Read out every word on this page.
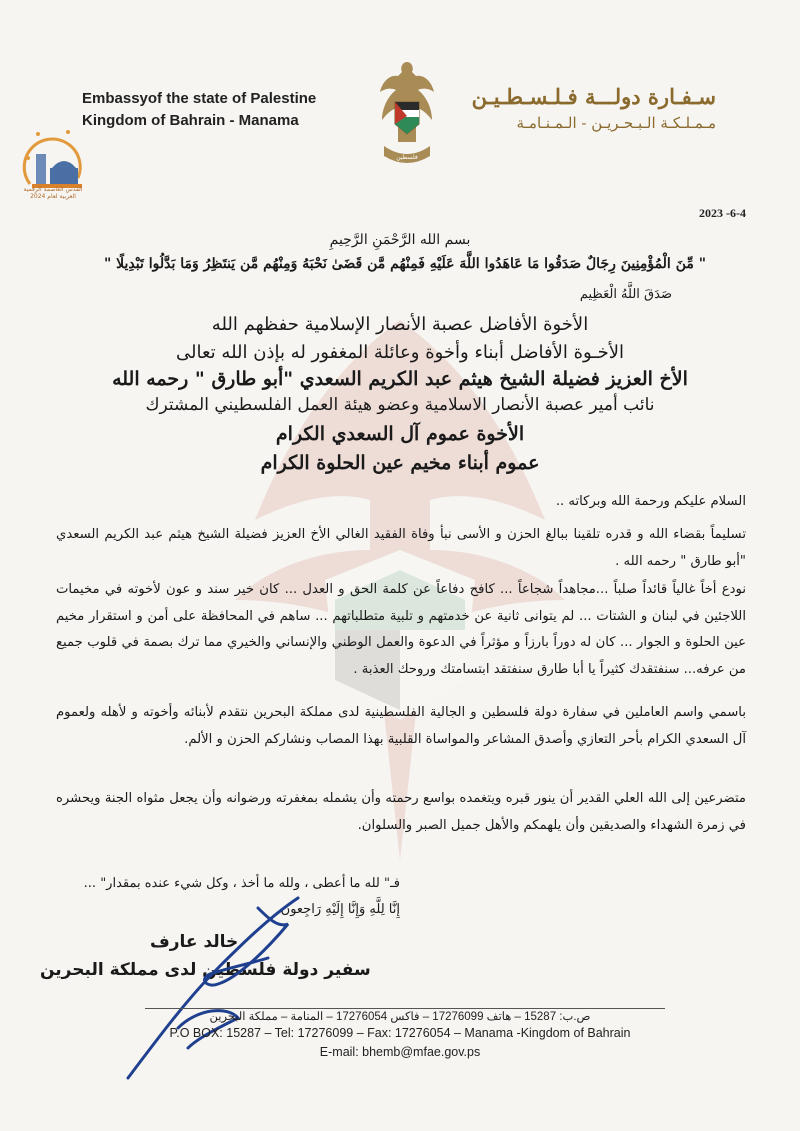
Embassyof the state of Palestine
Kingdom of Bahrain - Manama
فلسطين
سـفـارة دولـــة فـلـسـطـيـن
مـمـلـكـة الـبـحـريـن - الـمـنـامـة
القدس العاصمة الرقمية العربية لعام 2024
2023 -6-4
بسم الله الرَّحْمَنِ الرَّحِيمِ
" مِّنَ الْمُؤْمِنِينَ رِجَالٌ صَدَقُوا مَا عَاهَدُوا اللَّهَ عَلَيْهِ فَمِنْهُم مَّن قَضَىٰ نَحْبَهُ وَمِنْهُم مَّن يَنتَظِرُ وَمَا بَدَّلُوا تَبْدِيلًا "
صَدَقَ اللَّهُ الْعَظِيم
الأخوة الأفاضل عصبة الأنصار الإسلامية حفظهم الله
الأخـوة الأفاضل أبناء وأخوة وعائلة المغفور له بإذن الله تعالى
الأخ العزيز فضيلة الشيخ هيثم عبد الكريم السعدي "أبو طارق " رحمه الله
نائب أمير عصبة الأنصار الاسلامية وعضو هيئة العمل الفلسطيني المشترك
الأخوة عموم آل السعدي الكرام
عموم أبناء مخيم عين الحلوة الكرام
السلام عليكم ورحمة الله وبركاته ..
تسليماً بقضاء الله و قدره تلقينا ببالغ الحزن و الأسى نبأ وفاة الفقيد الغالي الأخ العزيز فضيلة الشيخ هيثم عبد الكريم السعدي "أبو طارق " رحمه الله .
نودع أخاً غالياً قائداً صلباً ...مجاهداً شجاعاً ... كافح دفاعاً عن كلمة الحق و العدل ... كان خير سند و عون لأخوته في مخيمات اللاجئين في لبنان و الشتات ... لم يتوانى ثانية عن خدمتهم و تلبية متطلباتهم ... ساهم في المحافظة على أمن و استقرار مخيم عين الحلوة و الجوار ... كان له دوراً بارزاً و مؤثراً في الدعوة والعمل الوطني والإنساني والخيري مما ترك بصمة في قلوب جميع من عرفه... سنفتقدك كثيراً يا أبا طارق سنفتقد ابتسامتك وروحك العذبة .
باسمي واسم العاملين في سفارة دولة فلسطين و الجالية الفلسطينية لدى مملكة البحرين نتقدم لأبنائه وأخوته و لأهله ولعموم آل السعدي الكرام بأحر التعازي وأصدق المشاعر والمواساة القلبية بهذا المصاب ونشاركم الحزن و الألم.
متضرعين إلى الله العلي القدير أن ينور قبره ويتغمده بواسع رحمته وأن يشمله بمغفرته ورضوانه وأن يجعل مثواه الجنة ويحشره في زمرة الشهداء والصديقين وأن يلهمكم والأهل جميل الصبر والسلوان.
فـ" لله ما أعطى ، ولله ما أخذ ، وكل شيء عنده بمقدار" ...
إِنَّا لِلَّهِ وَإِنَّا إِلَيْهِ رَاجِعون
خالد عارف
سفير دولة فلسطين لدى مملكة البحرين
ص.ب: 15287 – هاتف 17276099 – فاكس 17276054 – المنامة – مملكة البحرين
P.O BOX: 15287 – Tel: 17276099 – Fax: 17276054 – Manama -Kingdom of Bahrain
E-mail: bhemb@mfae.gov.ps
